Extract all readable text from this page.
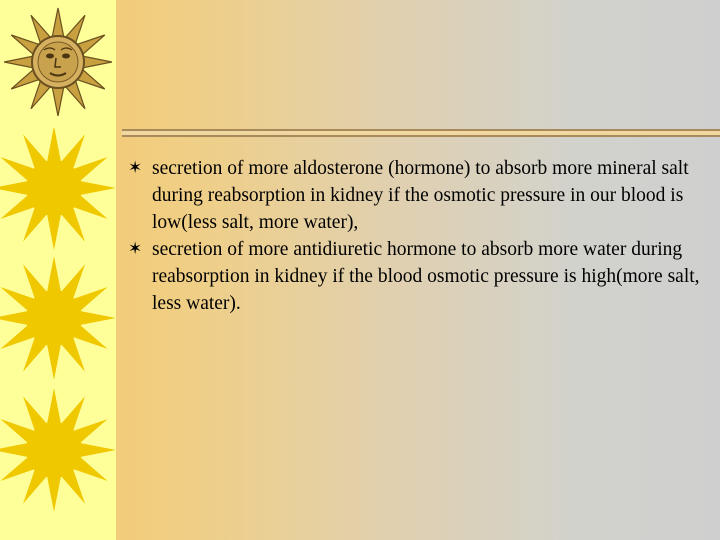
✶ secretion of more aldosterone (hormone) to absorb more mineral salt during reabsorption in kidney if the osmotic pressure in our blood is low(less salt, more water),
✶ secretion of more antidiuretic hormone to absorb more water during reabsorption in kidney if the blood osmotic pressure is high(more salt, less water).
